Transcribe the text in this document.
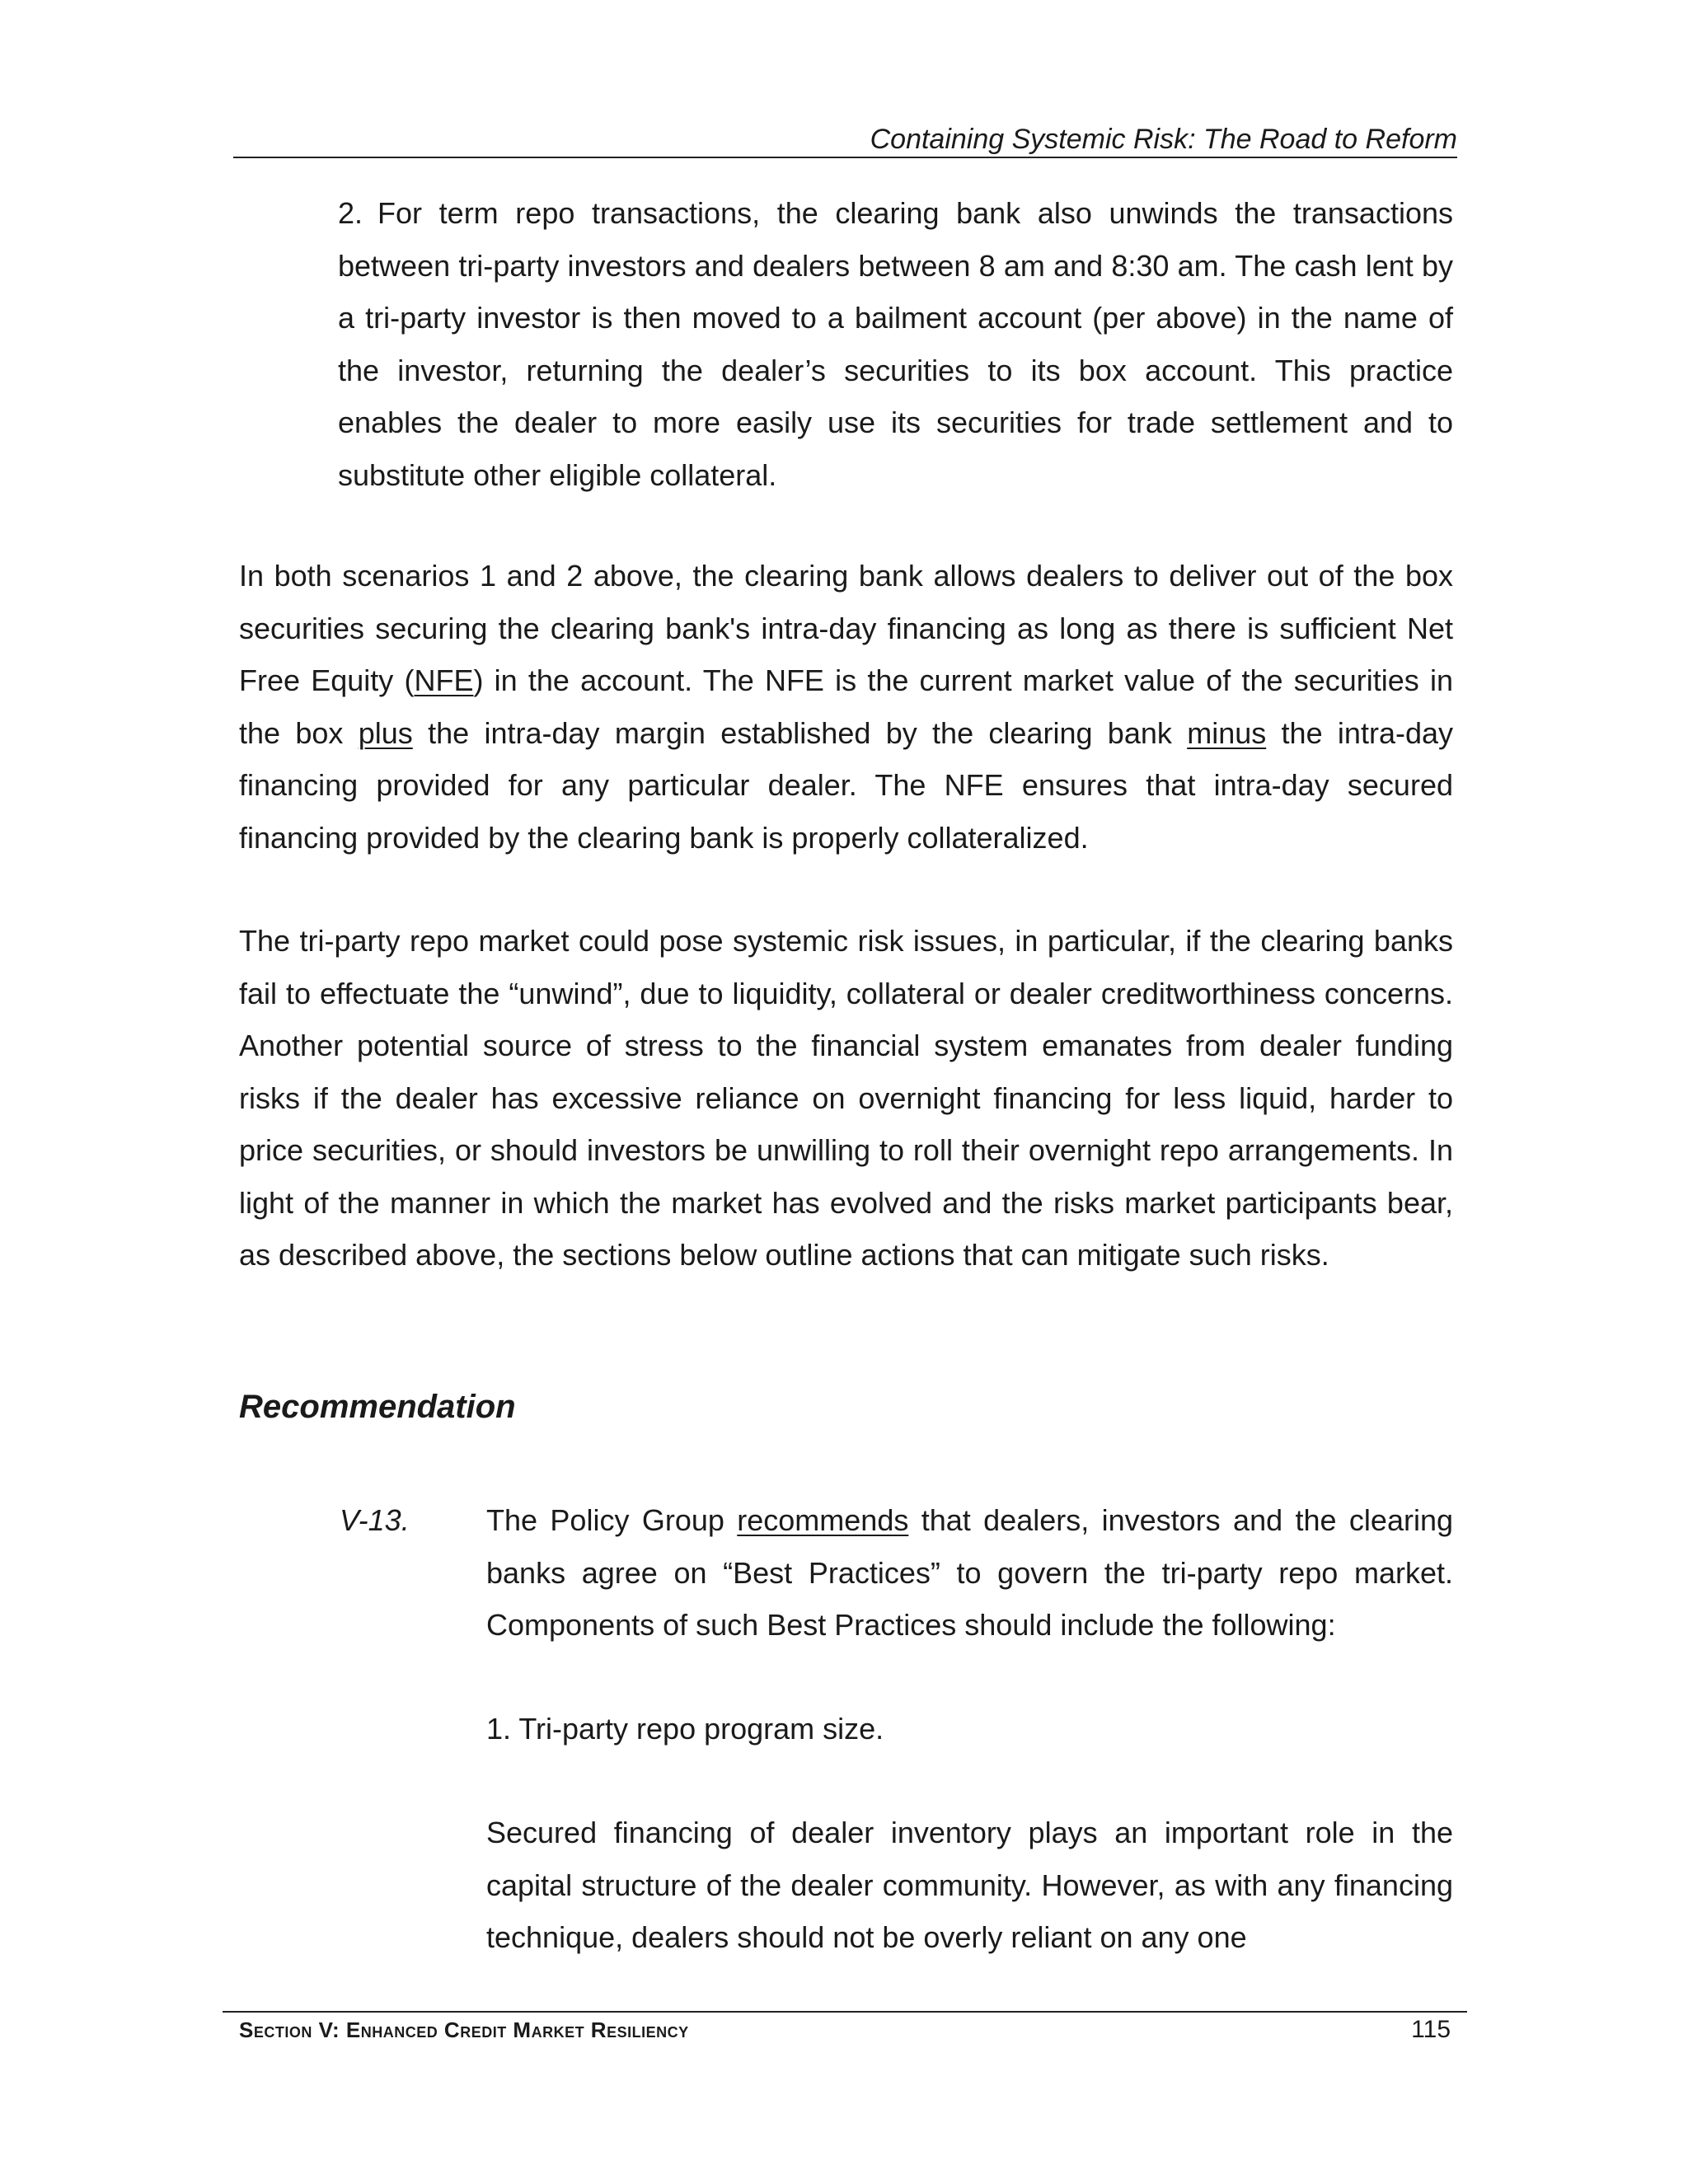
Containing Systemic Risk: The Road to Reform

2. For term repo transactions, the clearing bank also unwinds the transactions between tri-party investors and dealers between 8 am and 8:30 am. The cash lent by a tri-party investor is then moved to a bailment account (per above) in the name of the investor, returning the dealer’s securities to its box account. This practice enables the dealer to more easily use its securities for trade settlement and to substitute other eligible collateral.

In both scenarios 1 and 2 above, the clearing bank allows dealers to deliver out of the box securities securing the clearing bank's intra-day financing as long as there is sufficient Net Free Equity (NFE) in the account. The NFE is the current market value of the securities in the box plus the intra-day margin established by the clearing bank minus the intra-day financing provided for any particular dealer. The NFE ensures that intra-day secured financing provided by the clearing bank is properly collateralized.

The tri-party repo market could pose systemic risk issues, in particular, if the clearing banks fail to effectuate the “unwind”, due to liquidity, collateral or dealer creditworthiness concerns. Another potential source of stress to the financial system emanates from dealer funding risks if the dealer has excessive reliance on overnight financing for less liquid, harder to price securities, or should investors be unwilling to roll their overnight repo arrangements. In light of the manner in which the market has evolved and the risks market participants bear, as described above, the sections below outline actions that can mitigate such risks.

Recommendation
V-13.	The Policy Group recommends that dealers, investors and the clearing banks agree on “Best Practices” to govern the tri-party repo market. Components of such Best Practices should include the following:

1. Tri-party repo program size.

Secured financing of dealer inventory plays an important role in the capital structure of the dealer community. However, as with any financing technique, dealers should not be overly reliant on any one

Section V: Enhanced Credit Market Resiliency	115
